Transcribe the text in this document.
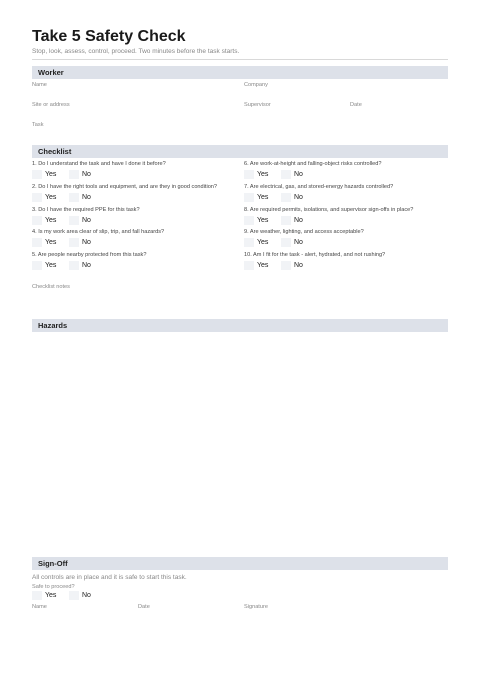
Take 5 Safety Check
Stop, look, assess, control, proceed. Two minutes before the task starts.
Worker
Name	Company
Site or address	Supervisor	Date
Task
Checklist
1. Do I understand the task and have I done it before?
Yes	No
2. Do I have the right tools and equipment, and are they in good condition?
Yes	No
3. Do I have the required PPE for this task?
Yes	No
4. Is my work area clear of slip, trip, and fall hazards?
Yes	No
5. Are people nearby protected from this task?
Yes	No
6. Are work-at-height and falling-object risks controlled?
Yes	No
7. Are electrical, gas, and stored-energy hazards controlled?
Yes	No
8. Are required permits, isolations, and supervisor sign-offs in place?
Yes	No
9. Are weather, lighting, and access acceptable?
Yes	No
10. Am I fit for the task - alert, hydrated, and not rushing?
Yes	No
Checklist notes
Hazards
Sign-Off
All controls are in place and it is safe to start this task.
Safe to proceed?
Yes	No
Name	Date	Signature
